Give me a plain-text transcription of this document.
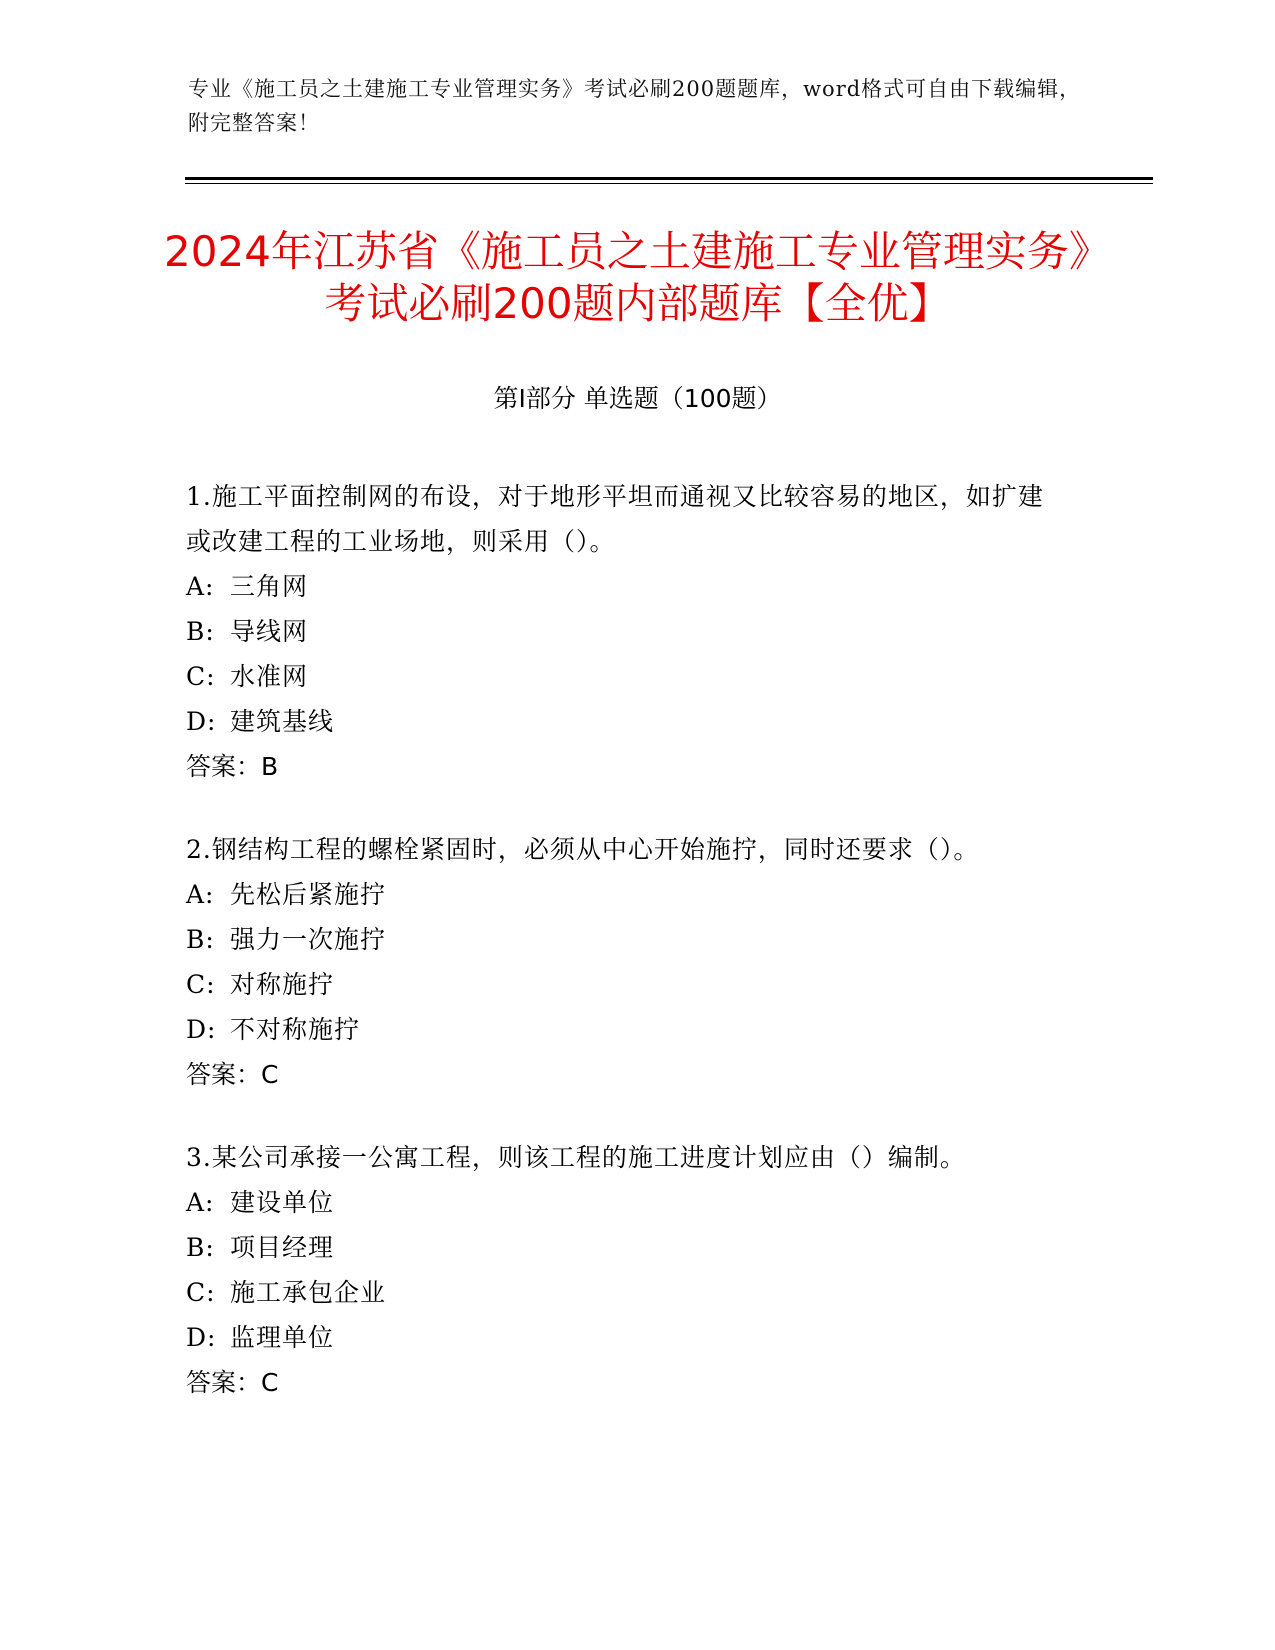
专业《施工员之土建施工专业管理实务》考试必刷200题题库，word格式可自由下载编辑，附完整答案！
2024年江苏省《施工员之土建施工专业管理实务》考试必刷200题内部题库【全优】
第I部分 单选题（100题）

1.施工平面控制网的布设，对于地形平坦而通视又比较容易的地区，如扩建或改建工程的工业场地，则采用（）。

A: 三角网

B: 导线网

C: 水准网

D: 建筑基线

答案：B

2.钢结构工程的螺栓紧固时，必须从中心开始施拧，同时还要求（）。

A: 先松后紧施拧

B: 强力一次施拧

C: 对称施拧

D: 不对称施拧

答案：C

3.某公司承接一公寓工程，则该工程的施工进度计划应由（）编制。

A: 建设单位

B: 项目经理

C: 施工承包企业

D: 监理单位

答案：C
